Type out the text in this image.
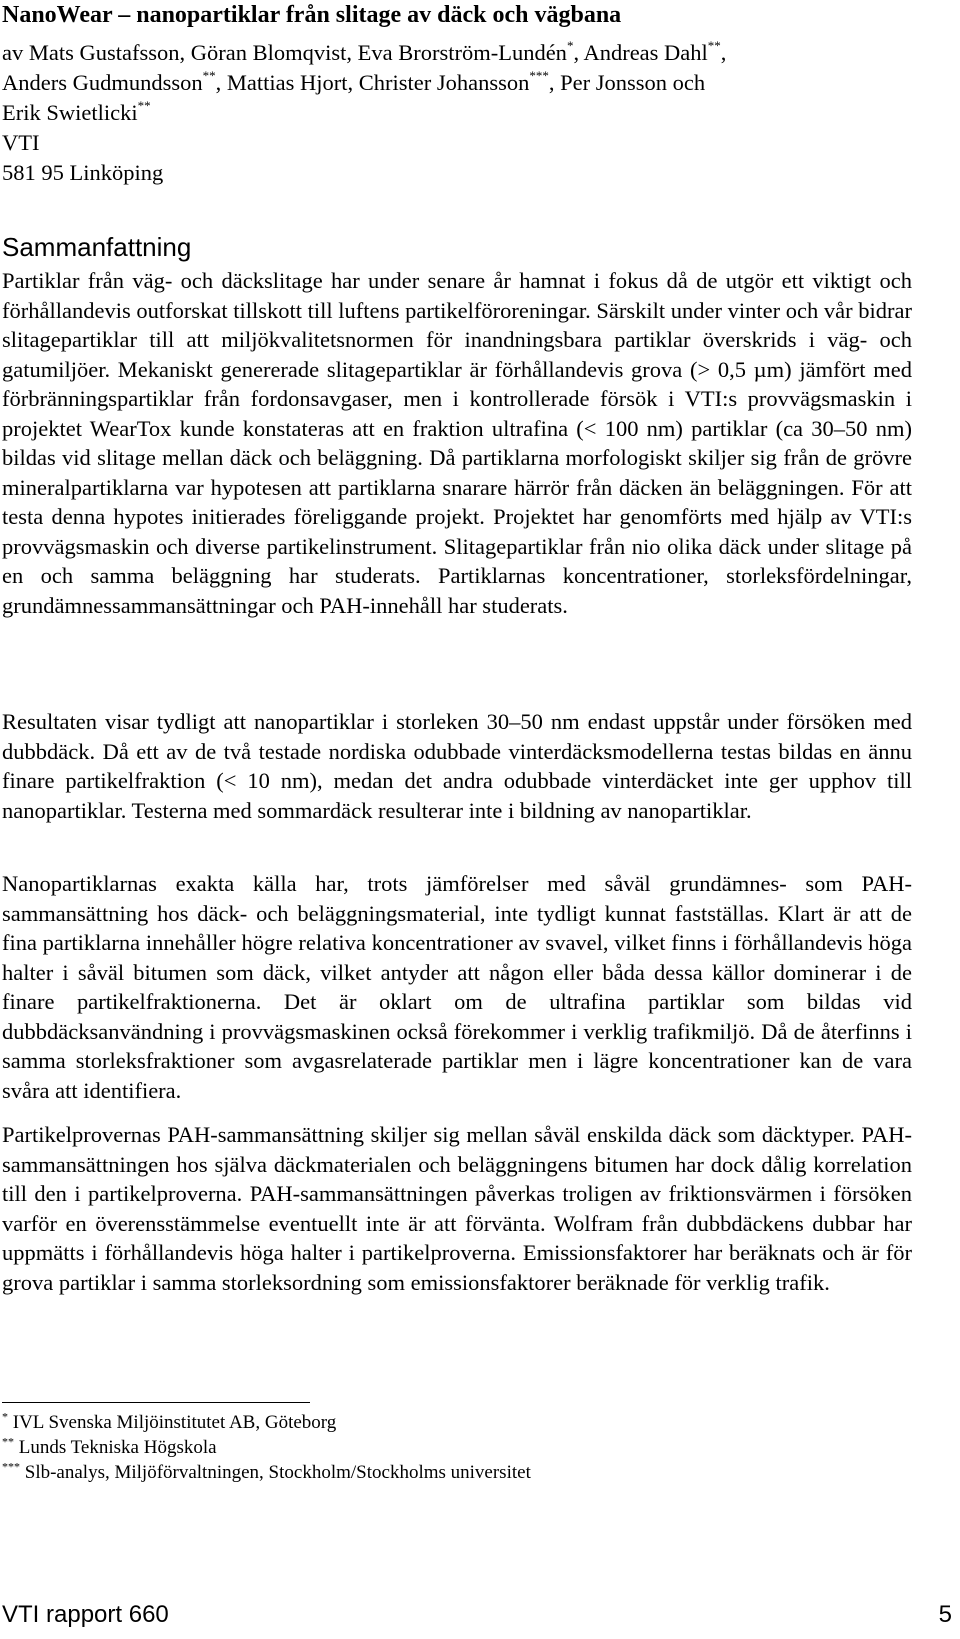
NanoWear – nanopartiklar från slitage av däck och vägbana
av Mats Gustafsson, Göran Blomqvist, Eva Brorström-Lundén*, Andreas Dahl**,
Anders Gudmundsson**, Mattias Hjort, Christer Johansson***, Per Jonsson och
Erik Swietlicki**
VTI
581 95 Linköping
Sammanfattning

Partiklar från väg- och däckslitage har under senare år hamnat i fokus då de utgör ett viktigt och förhållandevis outforskat tillskott till luftens partikelföroreningar. Särskilt under vinter och vår bidrar slitagepartiklar till att miljökvalitetsnormen för inandningsbara partiklar överskrids i väg- och gatumiljöer. Mekaniskt genererade slitagepartiklar är förhållandevis grova (> 0,5 µm) jämfört med förbränningspartiklar från fordonsavgaser, men i kontrollerade försök i VTI:s provvägsmaskin i projektet WearTox kunde konstateras att en fraktion ultrafina (< 100 nm) partiklar (ca 30–50 nm) bildas vid slitage mellan däck och beläggning. Då partiklarna morfologiskt skiljer sig från de grövre mineralpartiklarna var hypotesen att partiklarna snarare härrör från däcken än beläggningen. För att testa denna hypotes initierades föreliggande projekt. Projektet har genomförts med hjälp av VTI:s provvägsmaskin och diverse partikelinstrument. Slitagepartiklar från nio olika däck under slitage på en och samma beläggning har studerats. Partiklarnas koncentrationer, storleksfördelningar, grundämnessammansättningar och PAH-innehåll har studerats.

Resultaten visar tydligt att nanopartiklar i storleken 30–50 nm endast uppstår under försöken med dubbdäck. Då ett av de två testade nordiska odubbade vinterdäcksmodellerna testas bildas en ännu finare partikelfraktion (< 10 nm), medan det andra odubbade vinterdäcket inte ger upphov till nanopartiklar. Testerna med sommardäck resulterar inte i bildning av nanopartiklar.

Nanopartiklarnas exakta källa har, trots jämförelser med såväl grundämnes- som PAH-sammansättning hos däck- och beläggningsmaterial, inte tydligt kunnat fastställas. Klart är att de fina partiklarna innehåller högre relativa koncentrationer av svavel, vilket finns i förhållandevis höga halter i såväl bitumen som däck, vilket antyder att någon eller båda dessa källor dominerar i de finare partikelfraktionerna. Det är oklart om de ultrafina partiklar som bildas vid dubbdäcksanvändning i provvägsmaskinen också förekommer i verklig trafikmiljö. Då de återfinns i samma storleksfraktioner som avgasrelaterade partiklar men i lägre koncentrationer kan de vara svåra att identifiera.

Partikelprovernas PAH-sammansättning skiljer sig mellan såväl enskilda däck som däcktyper. PAH-sammansättningen hos själva däckmaterialen och beläggningens bitumen har dock dålig korrelation till den i partikelproverna. PAH-sammansättningen påverkas troligen av friktionsvärmen i försöken varför en överensstämmelse eventuellt inte är att förvänta. Wolfram från dubbdäckens dubbar har uppmätts i förhållandevis höga halter i partikelproverna. Emissionsfaktorer har beräknats och är för grova partiklar i samma storleksordning som emissionsfaktorer beräknade för verklig trafik.

* IVL Svenska Miljöinstitutet AB, Göteborg
** Lunds Tekniska Högskola
*** Slb-analys, Miljöförvaltningen, Stockholm/Stockholms universitet
VTI rapport 660	5
